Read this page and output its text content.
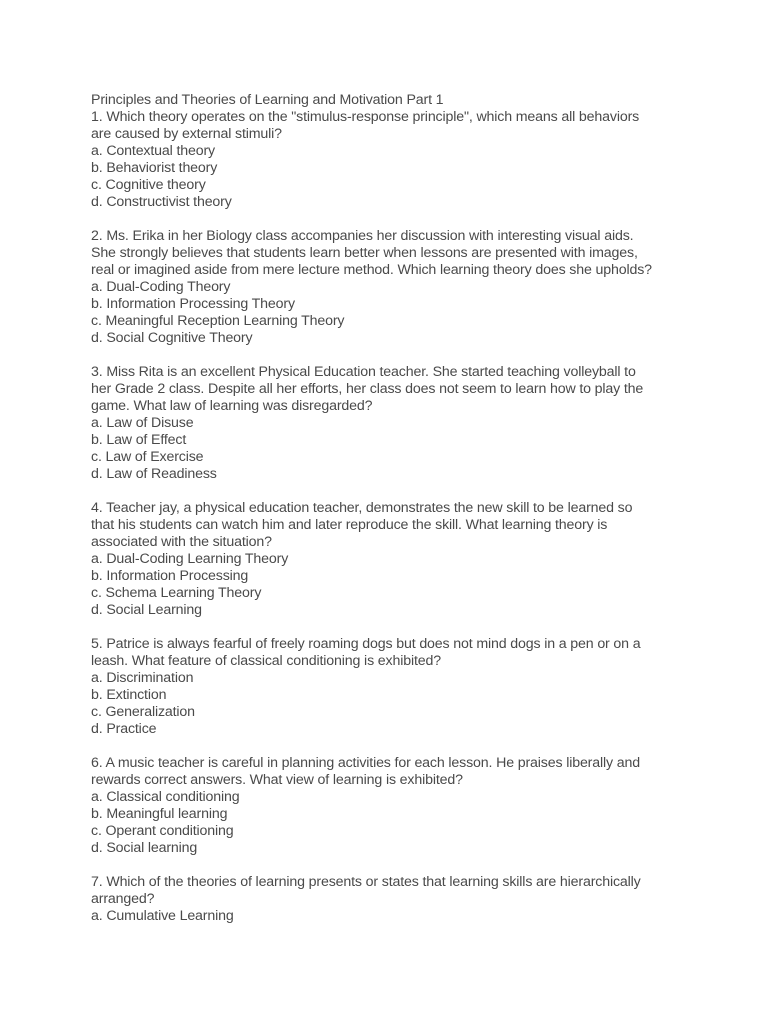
Principles and Theories of Learning and Motivation Part 1
1. Which theory operates on the "stimulus-response principle", which means all behaviors
are caused by external stimuli?
a. Contextual theory
b. Behaviorist theory
c. Cognitive theory
d. Constructivist theory
2. Ms. Erika in her Biology class accompanies her discussion with interesting visual aids.
She strongly believes that students learn better when lessons are presented with images,
real or imagined aside from mere lecture method. Which learning theory does she upholds?
a. Dual-Coding Theory
b. Information Processing Theory
c. Meaningful Reception Learning Theory
d. Social Cognitive Theory
3. Miss Rita is an excellent Physical Education teacher. She started teaching volleyball to
her Grade 2 class. Despite all her efforts, her class does not seem to learn how to play the
game. What law of learning was disregarded?
a. Law of Disuse
b. Law of Effect
c. Law of Exercise
d. Law of Readiness
4. Teacher jay, a physical education teacher, demonstrates the new skill to be learned so
that his students can watch him and later reproduce the skill. What learning theory is
associated with the situation?
a. Dual-Coding Learning Theory
b. Information Processing
c. Schema Learning Theory
d. Social Learning
5. Patrice is always fearful of freely roaming dogs but does not mind dogs in a pen or on a
leash. What feature of classical conditioning is exhibited?
a. Discrimination
b. Extinction
c. Generalization
d. Practice
6. A music teacher is careful in planning activities for each lesson. He praises liberally and
rewards correct answers. What view of learning is exhibited?
a. Classical conditioning
b. Meaningful learning
c. Operant conditioning
d. Social learning
7. Which of the theories of learning presents or states that learning skills are hierarchically
arranged?
a. Cumulative Learning
